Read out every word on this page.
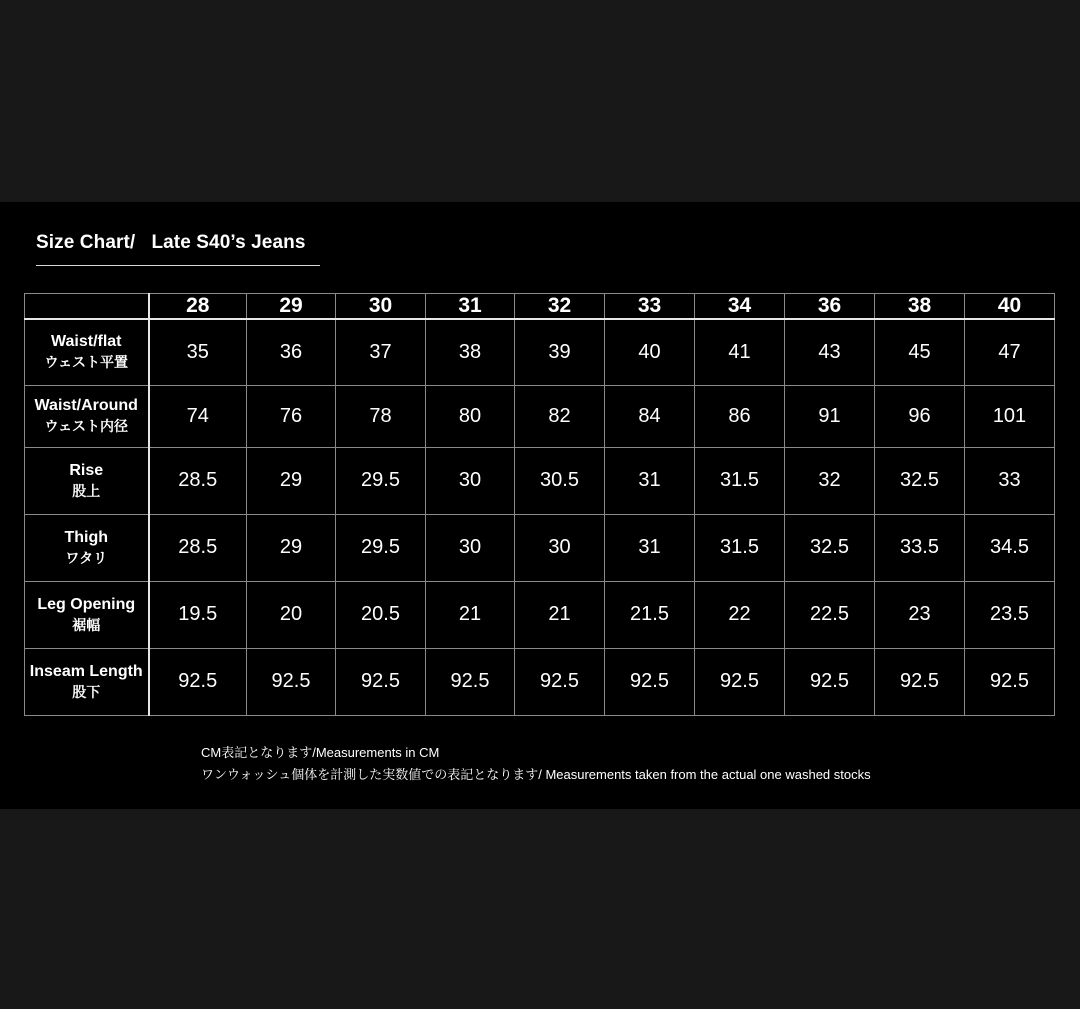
Size Chart/ Late S40’s Jeans
	28	29	30	31	32	33	34	36	38	40

Waist/flat
ウェスト平置	35	36	37	38	39	40	41	43	45	47

Waist/Around
ウェスト内径	74	76	78	80	82	84	86	91	96	101

Rise
股上	28.5	29	29.5	30	30.5	31	31.5	32	32.5	33

Thigh
ワタリ	28.5	29	29.5	30	30	31	31.5	32.5	33.5	34.5

Leg Opening
裾幅	19.5	20	20.5	21	21	21.5	22	22.5	23	23.5

Inseam Length
股下	92.5	92.5	92.5	92.5	92.5	92.5	92.5	92.5	92.5	92.5
CM表記となります/Measurements in CM
ワンウォッシュ個体を計測した実数値での表記となります/ Measurements taken from the actual one washed stocks
